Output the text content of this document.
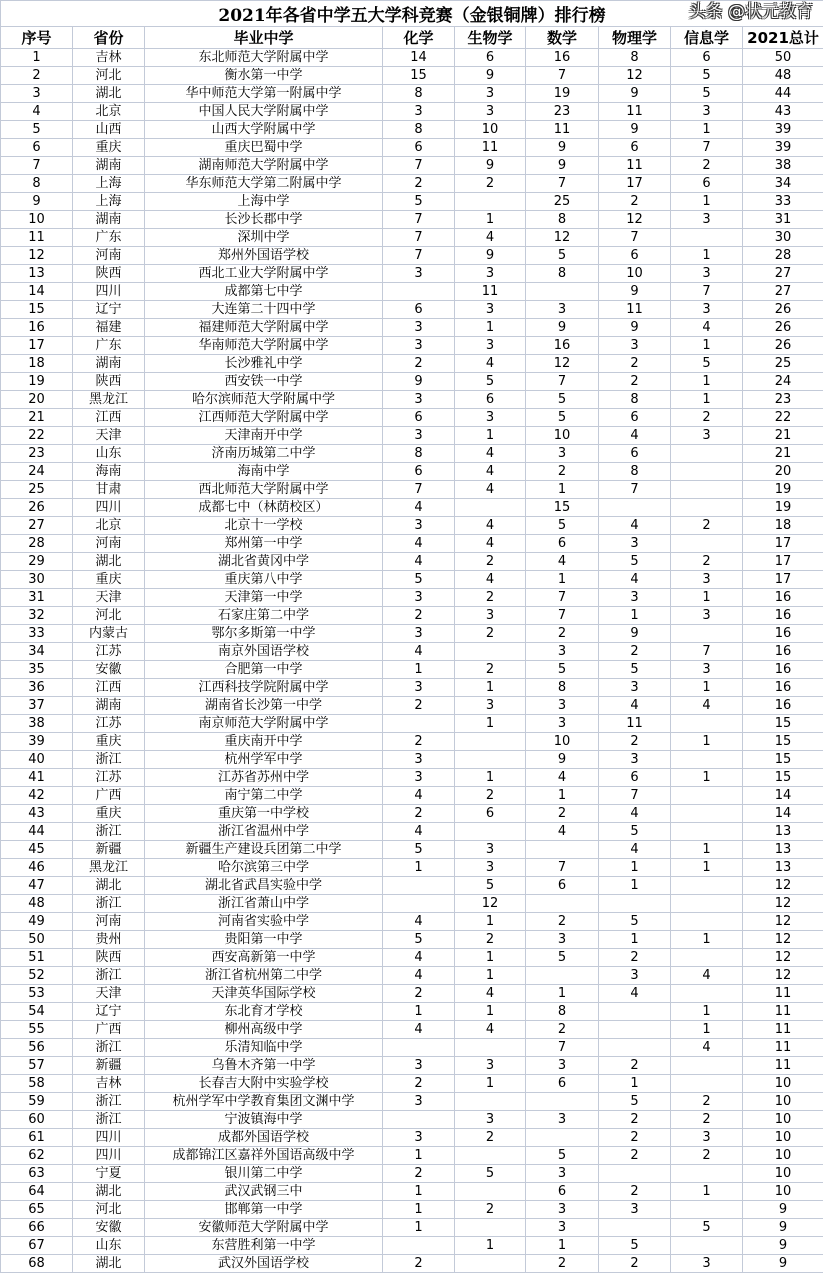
2021年各省中学五大学科竞赛（金银铜牌）排行榜								
序号	省份	毕业中学	化学	生物学	数学	物理学	信息学	2021总计
1	吉林	东北师范大学附属中学	14	6	16	8	6	50
2	河北	衡水第一中学	15	9	7	12	5	48
3	湖北	华中师范大学第一附属中学	8	3	19	9	5	44
4	北京	中国人民大学附属中学	3	3	23	11	3	43
5	山西	山西大学附属中学	8	10	11	9	1	39
6	重庆	重庆巴蜀中学	6	11	9	6	7	39
7	湖南	湖南师范大学附属中学	7	9	9	11	2	38
8	上海	华东师范大学第二附属中学	2	2	7	17	6	34
9	上海	上海中学	5		25	2	1	33
10	湖南	长沙长郡中学	7	1	8	12	3	31
11	广东	深圳中学	7	4	12	7		30
12	河南	郑州外国语学校	7	9	5	6	1	28
13	陕西	西北工业大学附属中学	3	3	8	10	3	27
14	四川	成都第七中学		11		9	7	27
15	辽宁	大连第二十四中学	6	3	3	11	3	26
16	福建	福建师范大学附属中学	3	1	9	9	4	26
17	广东	华南师范大学附属中学	3	3	16	3	1	26
18	湖南	长沙雅礼中学	2	4	12	2	5	25
19	陕西	西安铁一中学	9	5	7	2	1	24
20	黑龙江	哈尔滨师范大学附属中学	3	6	5	8	1	23
21	江西	江西师范大学附属中学	6	3	5	6	2	22
22	天津	天津南开中学	3	1	10	4	3	21
23	山东	济南历城第二中学	8	4	3	6		21
24	海南	海南中学	6	4	2	8		20
25	甘肃	西北师范大学附属中学	7	4	1	7		19
26	四川	成都七中（林荫校区）	4		15			19
27	北京	北京十一学校	3	4	5	4	2	18
28	河南	郑州第一中学	4	4	6	3		17
29	湖北	湖北省黄冈中学	4	2	4	5	2	17
30	重庆	重庆第八中学	5	4	1	4	3	17
31	天津	天津第一中学	3	2	7	3	1	16
32	河北	石家庄第二中学	2	3	7	1	3	16
33	内蒙古	鄂尔多斯第一中学	3	2	2	9		16
34	江苏	南京外国语学校	4		3	2	7	16
35	安徽	合肥第一中学	1	2	5	5	3	16
36	江西	江西科技学院附属中学	3	1	8	3	1	16
37	湖南	湖南省长沙第一中学	2	3	3	4	4	16
38	江苏	南京师范大学附属中学		1	3	11		15
39	重庆	重庆南开中学	2		10	2	1	15
40	浙江	杭州学军中学	3		9	3		15
41	江苏	江苏省苏州中学	3	1	4	6	1	15
42	广西	南宁第二中学	4	2	1	7		14
43	重庆	重庆第一中学校	2	6	2	4		14
44	浙江	浙江省温州中学	4		4	5		13
45	新疆	新疆生产建设兵团第二中学	5	3		4	1	13
46	黑龙江	哈尔滨第三中学	1	3	7	1	1	13
47	湖北	湖北省武昌实验中学		5	6	1		12
48	浙江	浙江省萧山中学		12				12
49	河南	河南省实验中学	4	1	2	5		12
50	贵州	贵阳第一中学	5	2	3	1	1	12
51	陕西	西安高新第一中学	4	1	5	2		12
52	浙江	浙江省杭州第二中学	4	1		3	4	12
53	天津	天津英华国际学校	2	4	1	4		11
54	辽宁	东北育才学校	1	1	8		1	11
55	广西	柳州高级中学	4	4	2		1	11
56	浙江	乐清知临中学			7		4	11
57	新疆	乌鲁木齐第一中学	3	3	3	2		11
58	吉林	长春吉大附中实验学校	2	1	6	1		10
59	浙江	杭州学军中学教育集团文渊中学	3			5	2	10
60	浙江	宁波镇海中学		3	3	2	2	10
61	四川	成都外国语学校	3	2		2	3	10
62	四川	成都锦江区嘉祥外国语高级中学	1		5	2	2	10
63	宁夏	银川第二中学	2	5	3			10
64	湖北	武汉武钢三中	1		6	2	1	10
65	河北	邯郸第一中学	1	2	3	3		9
66	安徽	安徽师范大学附属中学	1		3		5	9
67	山东	东营胜利第一中学		1	1	5		9
68	湖北	武汉外国语学校	2		2	2	3	9
头条 @状元教育
